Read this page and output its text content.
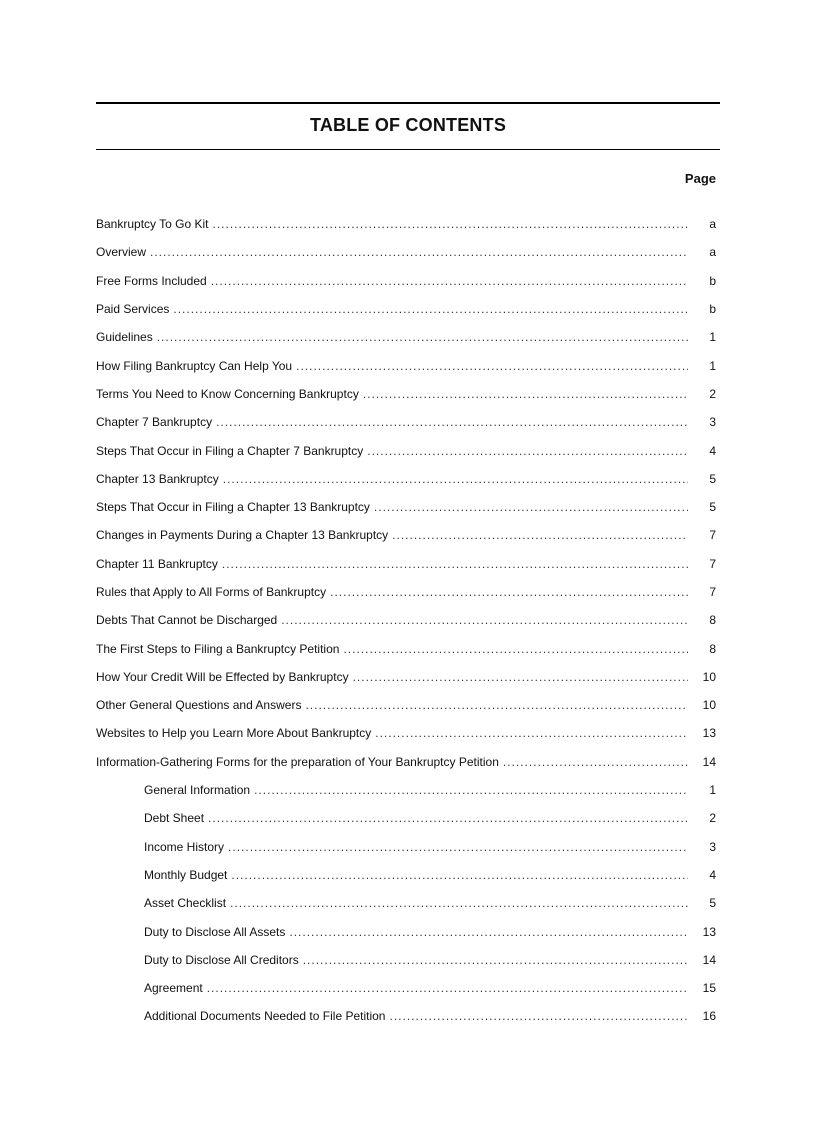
TABLE OF CONTENTS
Page
Bankruptcy To Go Kit .....	a
Overview .....	a
Free Forms Included .....	b
Paid Services .....	b
Guidelines .....	1
How Filing Bankruptcy Can Help You .....	1
Terms You Need to Know Concerning Bankruptcy .....	2
Chapter 7 Bankruptcy .....	3
Steps That Occur in Filing a Chapter 7 Bankruptcy .....	4
Chapter 13 Bankruptcy .....	5
Steps That Occur in Filing a Chapter 13 Bankruptcy .....	5
Changes in Payments During a Chapter 13 Bankruptcy .....	7
Chapter 11 Bankruptcy .....	7
Rules that Apply to All Forms of Bankruptcy .....	7
Debts That Cannot be Discharged .....	8
The First Steps to Filing a Bankruptcy Petition .....	8
How Your Credit Will be Effected by Bankruptcy .....	10
Other General Questions and Answers .....	10
Websites to Help you Learn More About Bankruptcy .....	13
Information-Gathering Forms for the preparation of Your Bankruptcy Petition .....	14
General Information .....	1
Debt Sheet .....	2
Income History .....	3
Monthly Budget .....	4
Asset Checklist .....	5
Duty to Disclose All Assets .....	13
Duty to Disclose All Creditors .....	14
Agreement .....	15
Additional Documents Needed to File Petition .....	16
